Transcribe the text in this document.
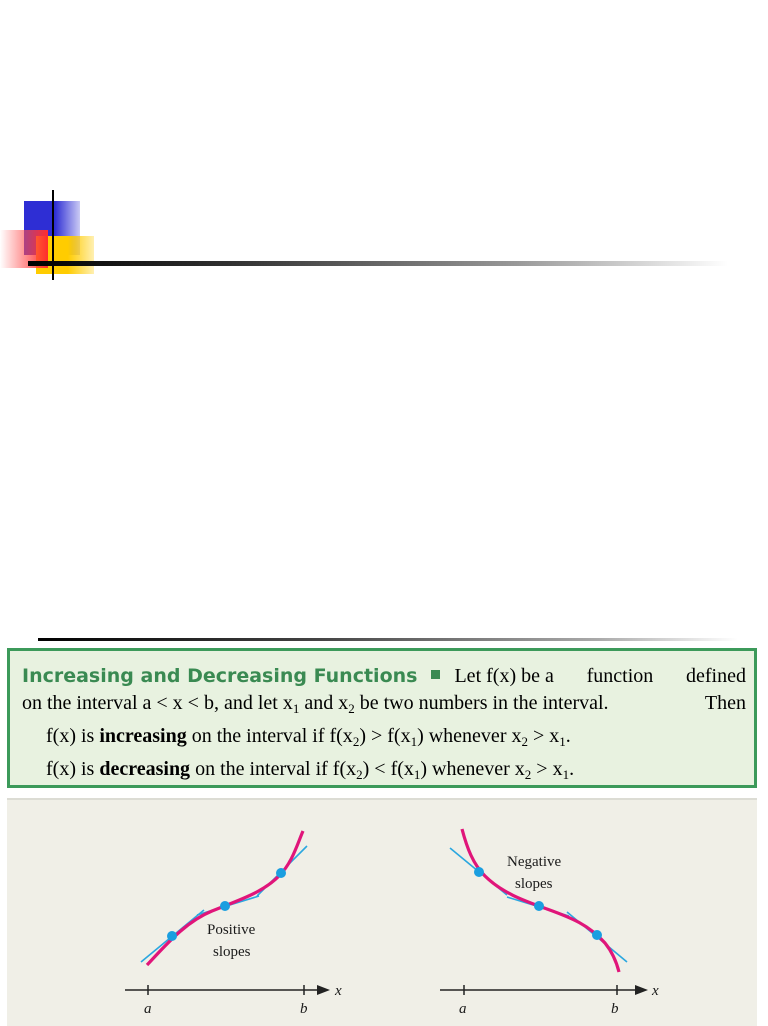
Increasing and Decreasing Functions Let f(x) be a function defined
on the interval a < x < b, and let $x_1$ and $x_2$ be two numbers in the interval.	Then
f(x) is increasing on the interval if $f(x_2) > f(x_1)$ whenever $x_2 > x_1$.
f(x) is decreasing on the interval if $f(x_2) < f(x_1)$ whenever $x_2 > x_1$.
a	b
x
Positive
slopes
a	b
x
Negative
slopes
